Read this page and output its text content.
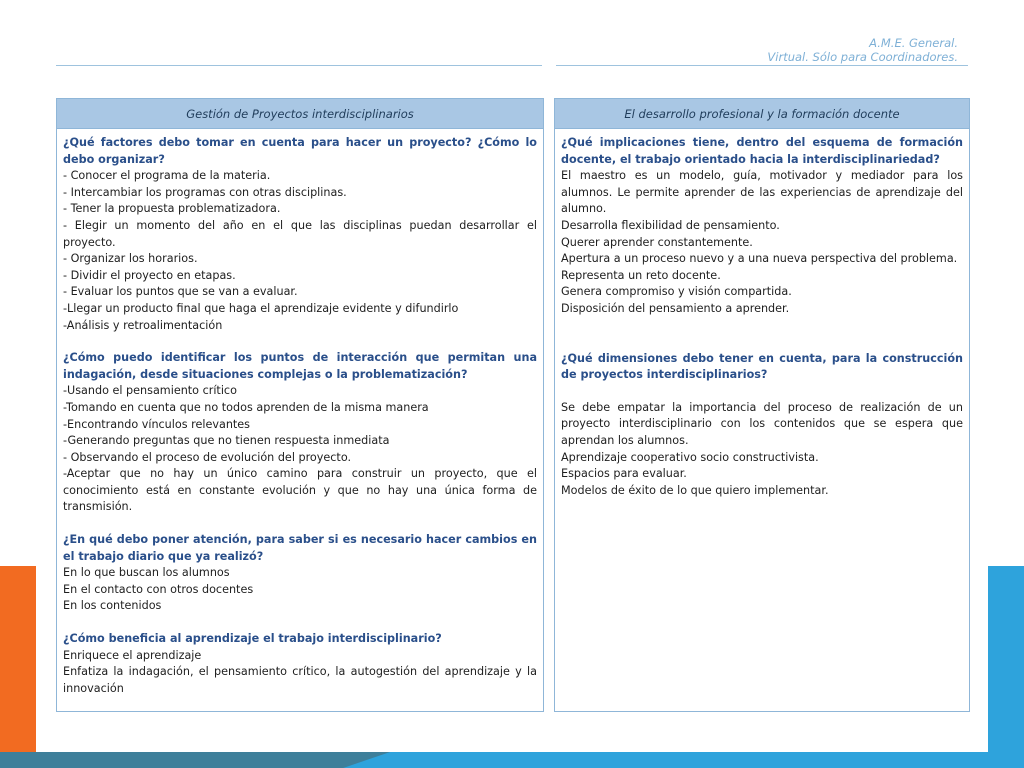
A.M.E. General.
Virtual. Sólo para Coordinadores.
Gestión de Proyectos interdisciplinarios

¿Qué factores debo tomar en cuenta para hacer un proyecto? ¿Cómo lo debo organizar?

- Conocer el programa de la materia.
- Intercambiar los programas con otras disciplinas.
- Tener la propuesta problematizadora.
- Elegir un momento del año en el que las disciplinas puedan desarrollar el proyecto.
- Organizar los horarios.
- Dividir el proyecto en etapas.
- Evaluar los puntos que se van a evaluar.
-Llegar un producto final que haga el aprendizaje evidente y difundirlo
-Análisis y retroalimentación

¿Cómo puedo identificar los puntos de interacción que permitan una indagación, desde situaciones complejas o la problematización?

-Usando el pensamiento crítico
-Tomando en cuenta que no todos aprenden de la misma manera
-Encontrando vínculos relevantes
-Generando preguntas que no tienen respuesta inmediata
- Observando el proceso de evolución del proyecto.
-Aceptar que no hay un único camino para construir un proyecto, que el conocimiento está en constante evolución y que no hay una única forma de transmisión.

¿En qué debo poner atención, para saber si es necesario hacer cambios en el trabajo diario que ya realizó?

En lo que buscan los alumnos
En el contacto con otros docentes
En los contenidos

¿Cómo beneficia al aprendizaje el trabajo interdisciplinario?

Enriquece el aprendizaje
Enfatiza la indagación, el pensamiento crítico, la autogestión del aprendizaje y la innovación
El desarrollo profesional y la formación docente

¿Qué implicaciones tiene, dentro del esquema de formación docente, el trabajo orientado hacia la interdisciplinariedad?

El maestro es un modelo, guía, motivador y mediador para los alumnos. Le permite aprender de las experiencias de aprendizaje del alumno.
Desarrolla flexibilidad de pensamiento.
Querer aprender constantemente.
Apertura a un proceso nuevo y a una nueva perspectiva del problema.
Representa un reto docente.
Genera compromiso y visión compartida.
Disposición del pensamiento a aprender.

¿Qué dimensiones debo tener en cuenta, para la construcción de proyectos interdisciplinarios?

Se debe empatar la importancia del proceso de realización de un proyecto interdisciplinario con los contenidos que se espera que aprendan los alumnos.
Aprendizaje cooperativo socio constructivista.
Espacios para evaluar.
Modelos de éxito de lo que quiero implementar.
